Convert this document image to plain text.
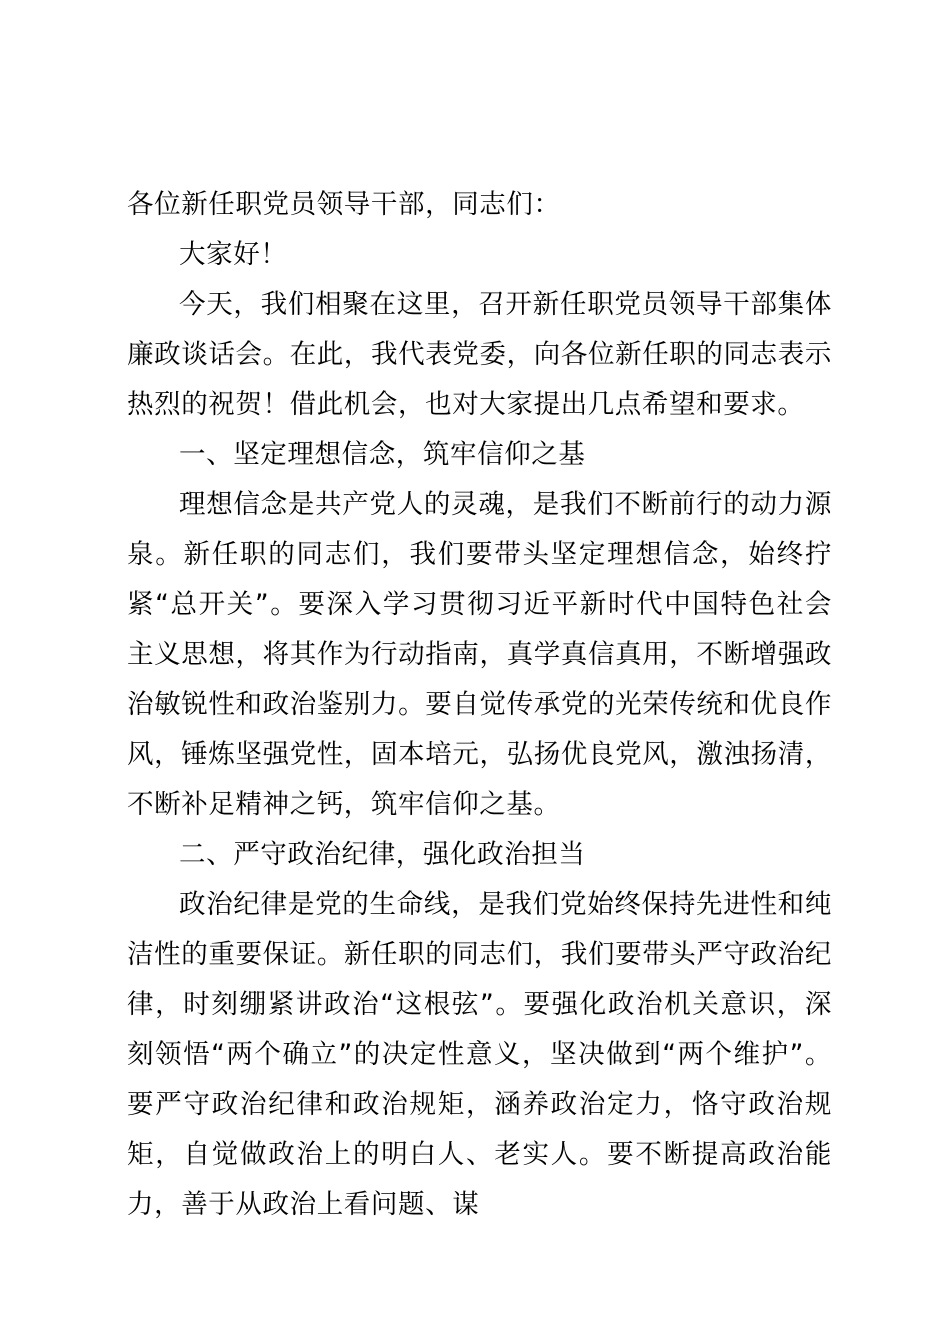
各位新任职党员领导干部，同志们：

大家好！

今天，我们相聚在这里，召开新任职党员领导干部集体廉政谈话会。在此，我代表党委，向各位新任职的同志表示热烈的祝贺！借此机会，也对大家提出几点希望和要求。

一、坚定理想信念，筑牢信仰之基

理想信念是共产党人的灵魂，是我们不断前行的动力源泉。新任职的同志们，我们要带头坚定理想信念，始终拧紧“总开关”。要深入学习贯彻习近平新时代中国特色社会主义思想，将其作为行动指南，真学真信真用，不断增强政治敏锐性和政治鉴别力。要自觉传承党的光荣传统和优良作风，锤炼坚强党性，固本培元，弘扬优良党风，激浊扬清，不断补足精神之钙，筑牢信仰之基。

二、严守政治纪律，强化政治担当

政治纪律是党的生命线，是我们党始终保持先进性和纯洁性的重要保证。新任职的同志们，我们要带头严守政治纪律，时刻绷紧讲政治“这根弦”。要强化政治机关意识，深刻领悟“两个确立”的决定性意义，坚决做到“两个维护”。要严守政治纪律和政治规矩，涵养政治定力，恪守政治规矩，自觉做政治上的明白人、老实人。要不断提高政治能力，善于从政治上看问题、谋
